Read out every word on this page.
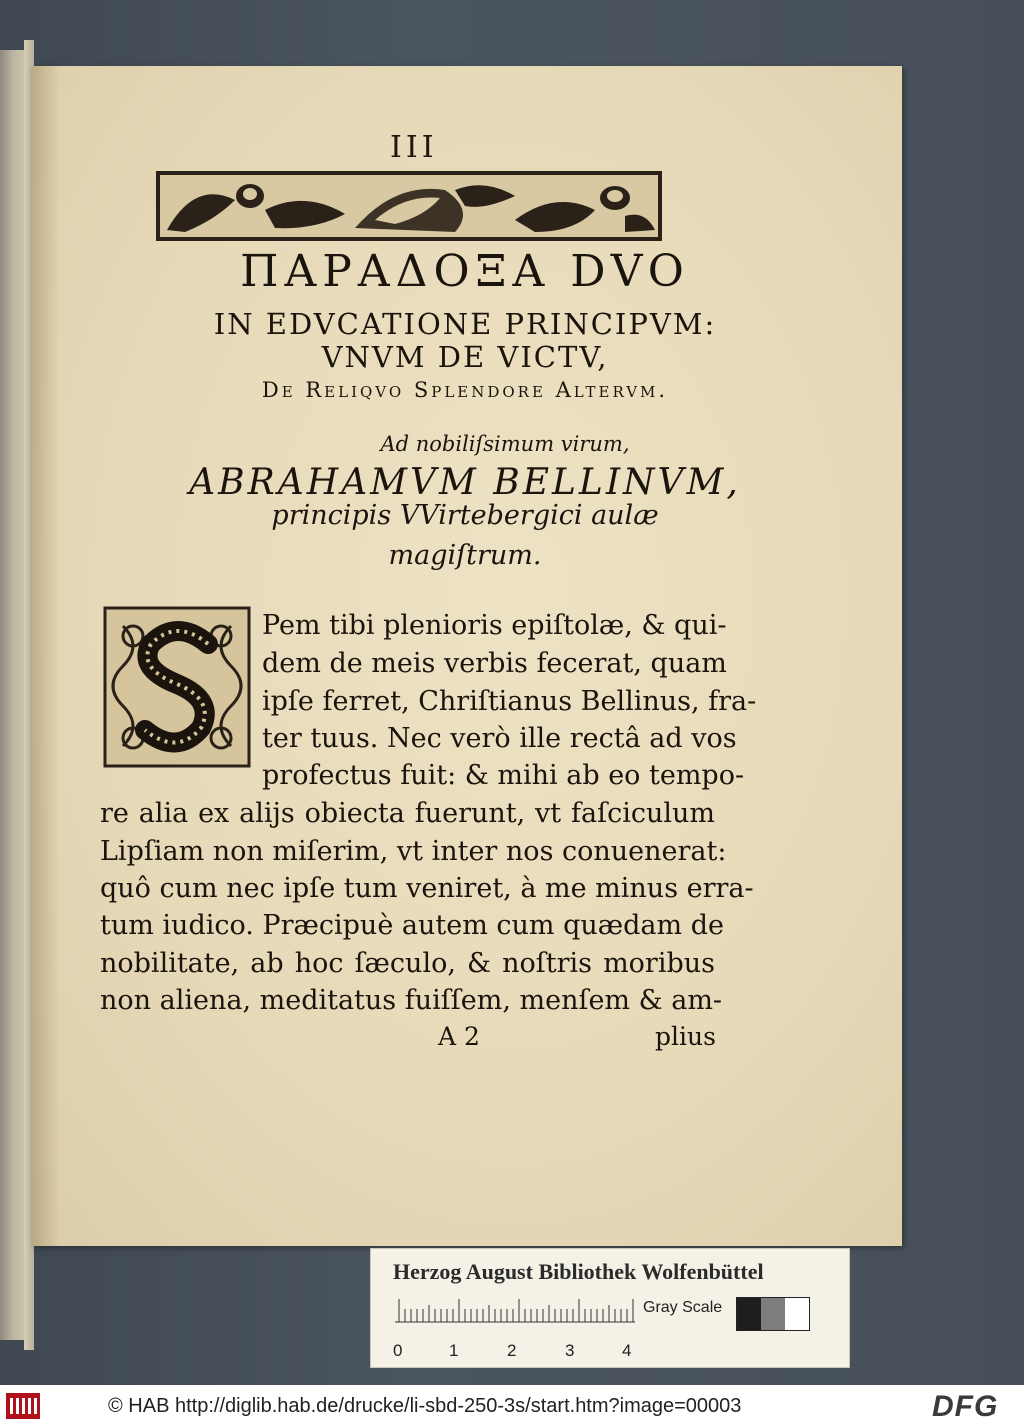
III
ΠΑΡΑΔΟΞΑ DVO
IN EDVCATIONE PRINCIPVM:
VNVM DE VICTV,
De Reliqvo Splendore Altervm.
Ad nobiliſsimum virum,
ABRAHAMVM BELLINVM,
principis VVirtebergici aulæ
magiſtrum.
Pem tibi plenioris epiſtolæ, & qui-
dem de meis verbis fecerat, quam
ipſe ferret, Chriſtianus Bellinus, fra-
ter tuus. Nec verò ille rectâ ad vos
profectus fuit: & mihi ab eo tempo-
re alia ex alijs obiecta fuerunt, vt faſciculum
Lipſiam non miſerim, vt inter nos conuenerat:
quô cum nec ipſe tum veniret, à me minus erra-
tum iudico. Præcipuè autem cum quædam de
nobilitate, ab hoc ſæculo, & noſtris moribus
non aliena, meditatus fuiſſem, menſem & am-
A 2	plius
Herzog August Bibliothek Wolfenbüttel
Gray Scale
0	1	2	3	4
© HAB http://diglib.hab.de/drucke/li-sbd-250-3s/start.htm?image=00003	DFG
